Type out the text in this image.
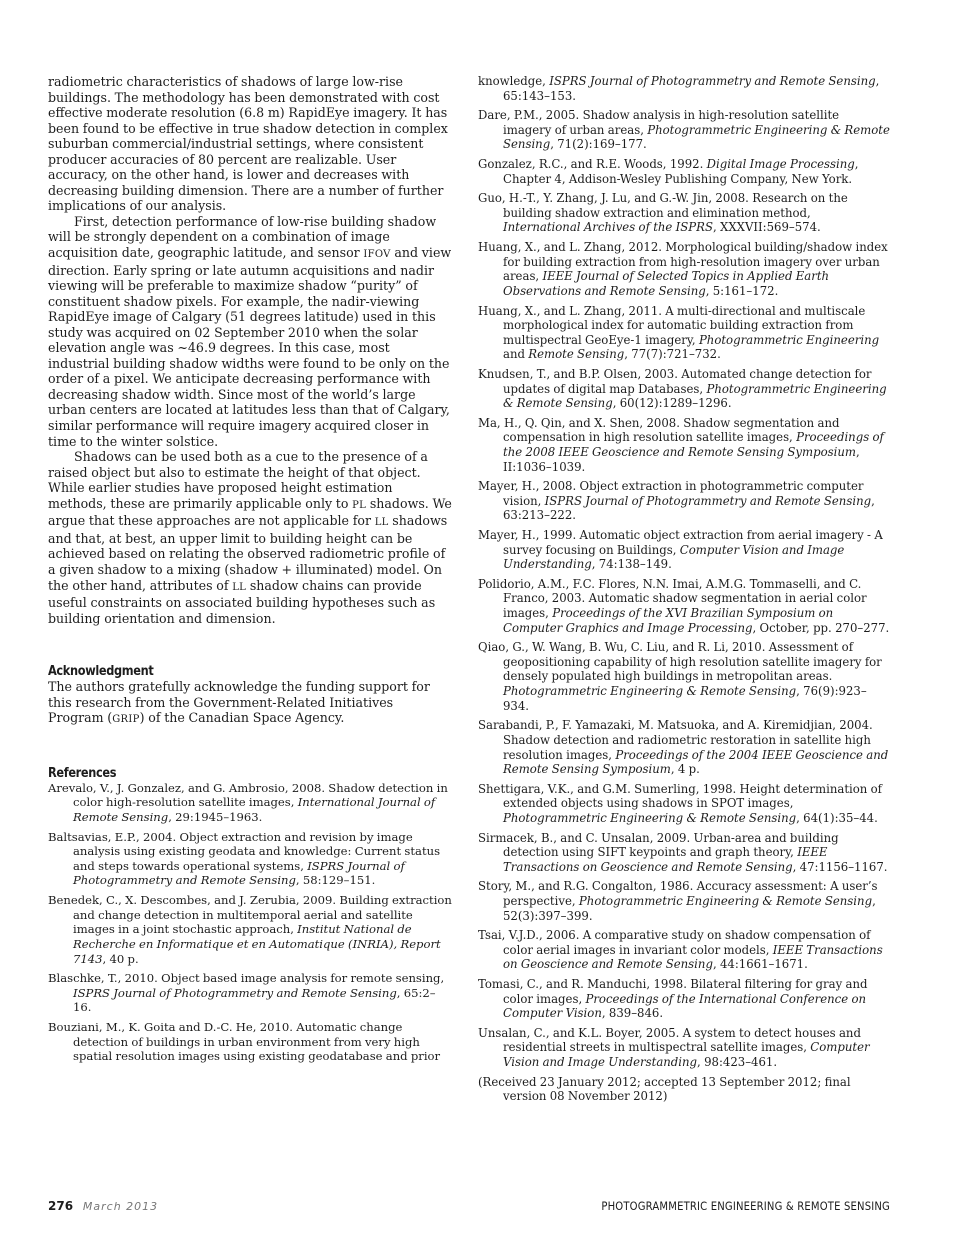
radiometric characteristics of shadows of large low-rise buildings. The methodology has been demonstrated with cost effective moderate resolution (6.8 m) RapidEye imagery. It has been found to be effective in true shadow detection in complex suburban commercial/industrial settings, where consistent producer accuracies of 80 percent are realizable. User accuracy, on the other hand, is lower and decreases with decreasing building dimension. There are a number of further implications of our analysis.

First, detection performance of low-rise building shadow will be strongly dependent on a combination of image acquisition date, geographic latitude, and sensor IFOV and view direction. Early spring or late autumn acquisitions and nadir viewing will be preferable to maximize shadow “purity” of constituent shadow pixels. For example, the nadir-viewing RapidEye image of Calgary (51 degrees latitude) used in this study was acquired on 02 September 2010 when the solar elevation angle was ~46.9 degrees. In this case, most industrial building shadow widths were found to be only on the order of a pixel. We anticipate decreasing performance with decreasing shadow width. Since most of the world’s large urban centers are located at latitudes less than that of Calgary, similar performance will require imagery acquired closer in time to the winter solstice.

Shadows can be used both as a cue to the presence of a raised object but also to estimate the height of that object. While earlier studies have proposed height estimation methods, these are primarily applicable only to PL shadows. We argue that these approaches are not applicable for LL shadows and that, at best, an upper limit to building height can be achieved based on relating the observed radiometric profile of a given shadow to a mixing (shadow + illuminated) model. On the other hand, attributes of LL shadow chains can provide useful constraints on associated building hypotheses such as building orientation and dimension.

Acknowledgment

The authors gratefully acknowledge the funding support for this research from the Government-Related Initiatives Program (GRIP) of the Canadian Space Agency.

References

Arevalo, V., J. Gonzalez, and G. Ambrosio, 2008. Shadow detection in color high-resolution satellite images, International Journal of Remote Sensing, 29:1945–1963.

Baltsavias, E.P., 2004. Object extraction and revision by image analysis using existing geodata and knowledge: Current status and steps towards operational systems, ISPRS Journal of Photogrammetry and Remote Sensing, 58:129–151.

Benedek, C., X. Descombes, and J. Zerubia, 2009. Building extraction and change detection in multitemporal aerial and satellite images in a joint stochastic approach, Institut National de Recherche en Informatique et en Automatique (INRIA), Report 7143, 40 p.

Blaschke, T., 2010. Object based image analysis for remote sensing, ISPRS Journal of Photogrammetry and Remote Sensing, 65:2–16.

Bouziani, M., K. Goita and D.-C. He, 2010. Automatic change detection of buildings in urban environment from very high spatial resolution images using existing geodatabase and prior

knowledge, ISPRS Journal of Photogrammetry and Remote Sensing, 65:143–153.

Dare, P.M., 2005. Shadow analysis in high-resolution satellite imagery of urban areas, Photogrammetric Engineering & Remote Sensing, 71(2):169–177.

Gonzalez, R.C., and R.E. Woods, 1992. Digital Image Processing, Chapter 4, Addison-Wesley Publishing Company, New York.

Guo, H.-T., Y. Zhang, J. Lu, and G.-W. Jin, 2008. Research on the building shadow extraction and elimination method, International Archives of the ISPRS, XXXVII:569–574.

Huang, X., and L. Zhang, 2012. Morphological building/shadow index for building extraction from high-resolution imagery over urban areas, IEEE Journal of Selected Topics in Applied Earth Observations and Remote Sensing, 5:161–172.

Huang, X., and L. Zhang, 2011. A multi-directional and multiscale morphological index for automatic building extraction from multispectral GeoEye-1 imagery, Photogrammetric Engineering and Remote Sensing, 77(7):721–732.

Knudsen, T., and B.P. Olsen, 2003. Automated change detection for updates of digital map Databases, Photogrammetric Engineering & Remote Sensing, 60(12):1289–1296.

Ma, H., Q. Qin, and X. Shen, 2008. Shadow segmentation and compensation in high resolution satellite images, Proceedings of the 2008 IEEE Geoscience and Remote Sensing Symposium, II:1036–1039.

Mayer, H., 2008. Object extraction in photogrammetric computer vision, ISPRS Journal of Photogrammetry and Remote Sensing, 63:213–222.

Mayer, H., 1999. Automatic object extraction from aerial imagery - A survey focusing on Buildings, Computer Vision and Image Understanding, 74:138–149.

Polidorio, A.M., F.C. Flores, N.N. Imai, A.M.G. Tommaselli, and C. Franco, 2003. Automatic shadow segmentation in aerial color images, Proceedings of the XVI Brazilian Symposium on Computer Graphics and Image Processing, October, pp. 270–277.

Qiao, G., W. Wang, B. Wu, C. Liu, and R. Li, 2010. Assessment of geopositioning capability of high resolution satellite imagery for densely populated high buildings in metropolitan areas. Photogrammetric Engineering & Remote Sensing, 76(9):923–934.

Sarabandi, P., F. Yamazaki, M. Matsuoka, and A. Kiremidjian, 2004. Shadow detection and radiometric restoration in satellite high resolution images, Proceedings of the 2004 IEEE Geoscience and Remote Sensing Symposium, 4 p.

Shettigara, V.K., and G.M. Sumerling, 1998. Height determination of extended objects using shadows in SPOT images, Photogrammetric Engineering & Remote Sensing, 64(1):35–44.

Sirmacek, B., and C. Unsalan, 2009. Urban-area and building detection using SIFT keypoints and graph theory, IEEE Transactions on Geoscience and Remote Sensing, 47:1156–1167.

Story, M., and R.G. Congalton, 1986. Accuracy assessment: A user’s perspective, Photogrammetric Engineering & Remote Sensing, 52(3):397–399.

Tsai, V.J.D., 2006. A comparative study on shadow compensation of color aerial images in invariant color models, IEEE Transactions on Geoscience and Remote Sensing, 44:1661–1671.

Tomasi, C., and R. Manduchi, 1998. Bilateral filtering for gray and color images, Proceedings of the International Conference on Computer Vision, 839–846.

Unsalan, C., and K.L. Boyer, 2005. A system to detect houses and residential streets in multispectral satellite images, Computer Vision and Image Understanding, 98:423–461.

(Received 23 January 2012; accepted 13 September 2012; final version 08 November 2012)

276 March 2013	PHOTOGRAMMETRIC ENGINEERING & REMOTE SENSING
